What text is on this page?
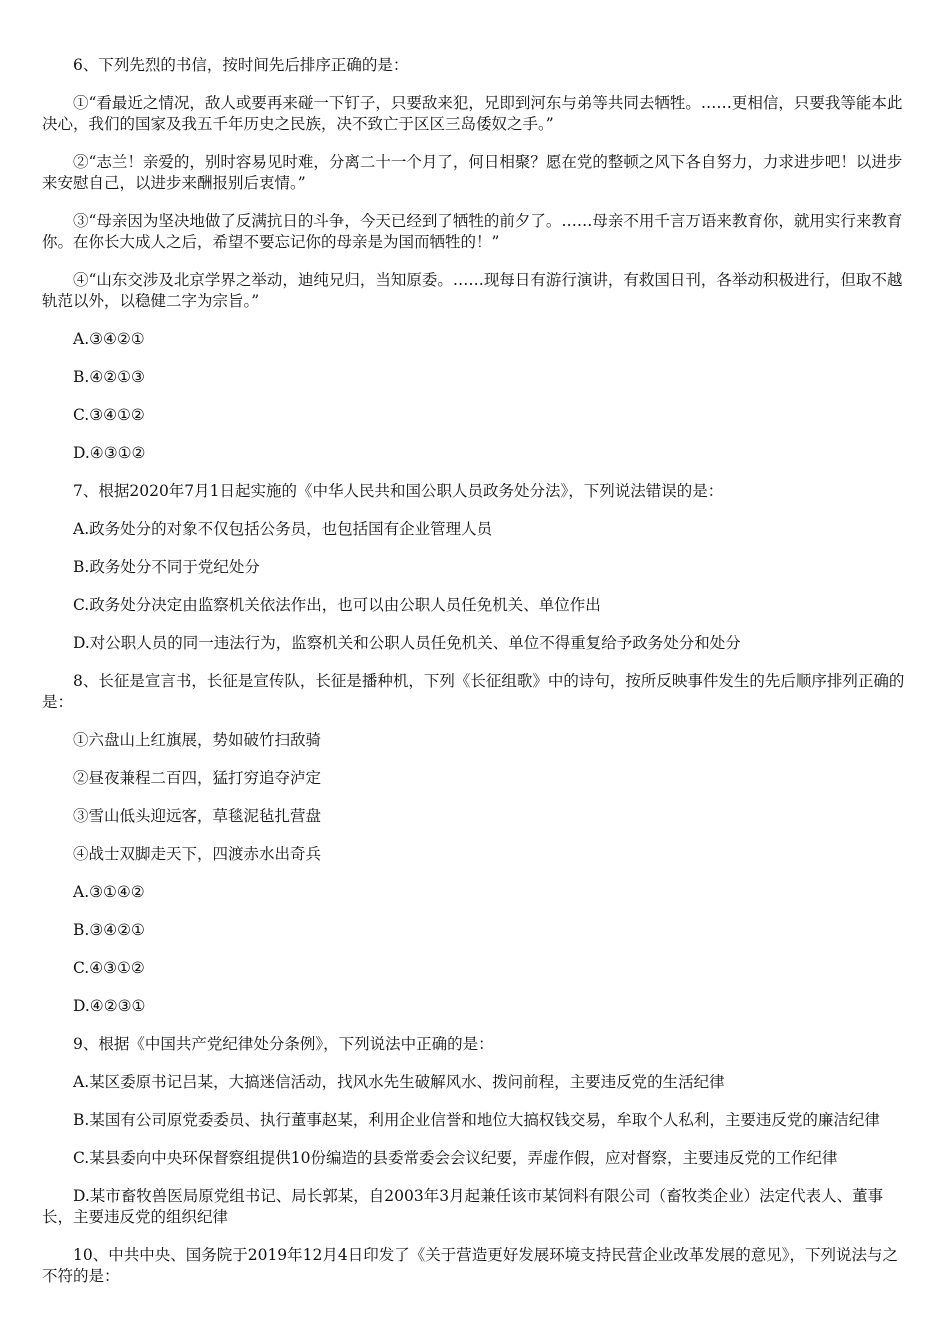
6、下列先烈的书信，按时间先后排序正确的是：

①“看最近之情况，敌人或要再来碰一下钉子，只要敌来犯，兄即到河东与弟等共同去牺牲。……更相信，只要我等能本此决心，我们的国家及我五千年历史之民族，决不致亡于区区三岛倭奴之手。”

②“志兰！亲爱的，别时容易见时难，分离二十一个月了，何日相聚？愿在党的整顿之风下各自努力，力求进步吧！以进步来安慰自己，以进步来酬报别后衷情。”

③“母亲因为坚决地做了反满抗日的斗争，今天已经到了牺牲的前夕了。……母亲不用千言万语来教育你，就用实行来教育你。在你长大成人之后，希望不要忘记你的母亲是为国而牺牲的！”

④“山东交涉及北京学界之举动，迪纯兄归，当知原委。……现每日有游行演讲，有救国日刊，各举动积极进行，但取不越轨范以外，以稳健二字为宗旨。”

A.③④②①

B.④②①③

C.③④①②

D.④③①②

7、根据2020年7月1日起实施的《中华人民共和国公职人员政务处分法》，下列说法错误的是：

A.政务处分的对象不仅包括公务员，也包括国有企业管理人员

B.政务处分不同于党纪处分

C.政务处分决定由监察机关依法作出，也可以由公职人员任免机关、单位作出

D.对公职人员的同一违法行为，监察机关和公职人员任免机关、单位不得重复给予政务处分和处分

8、长征是宣言书，长征是宣传队，长征是播种机，下列《长征组歌》中的诗句，按所反映事件发生的先后顺序排列正确的是：

①六盘山上红旗展，势如破竹扫敌骑

②昼夜兼程二百四，猛打穷追夺泸定

③雪山低头迎远客，草毯泥毡扎营盘

④战士双脚走天下，四渡赤水出奇兵

A.③①④②

B.③④②①

C.④③①②

D.④②③①

9、根据《中国共产党纪律处分条例》，下列说法中正确的是：

A.某区委原书记吕某，大搞迷信活动，找风水先生破解风水、拨问前程，主要违反党的生活纪律

B.某国有公司原党委委员、执行董事赵某，利用企业信誉和地位大搞权钱交易，牟取个人私利，主要违反党的廉洁纪律

C.某县委向中央环保督察组提供10份编造的县委常委会会议纪要，弄虚作假，应对督察，主要违反党的工作纪律

D.某市畜牧兽医局原党组书记、局长郭某，自2003年3月起兼任该市某饲料有限公司（畜牧类企业）法定代表人、董事长，主要违反党的组织纪律

10、中共中央、国务院于2019年12月4日印发了《关于营造更好发展环境支持民营企业改革发展的意见》，下列说法与之不符的是：
